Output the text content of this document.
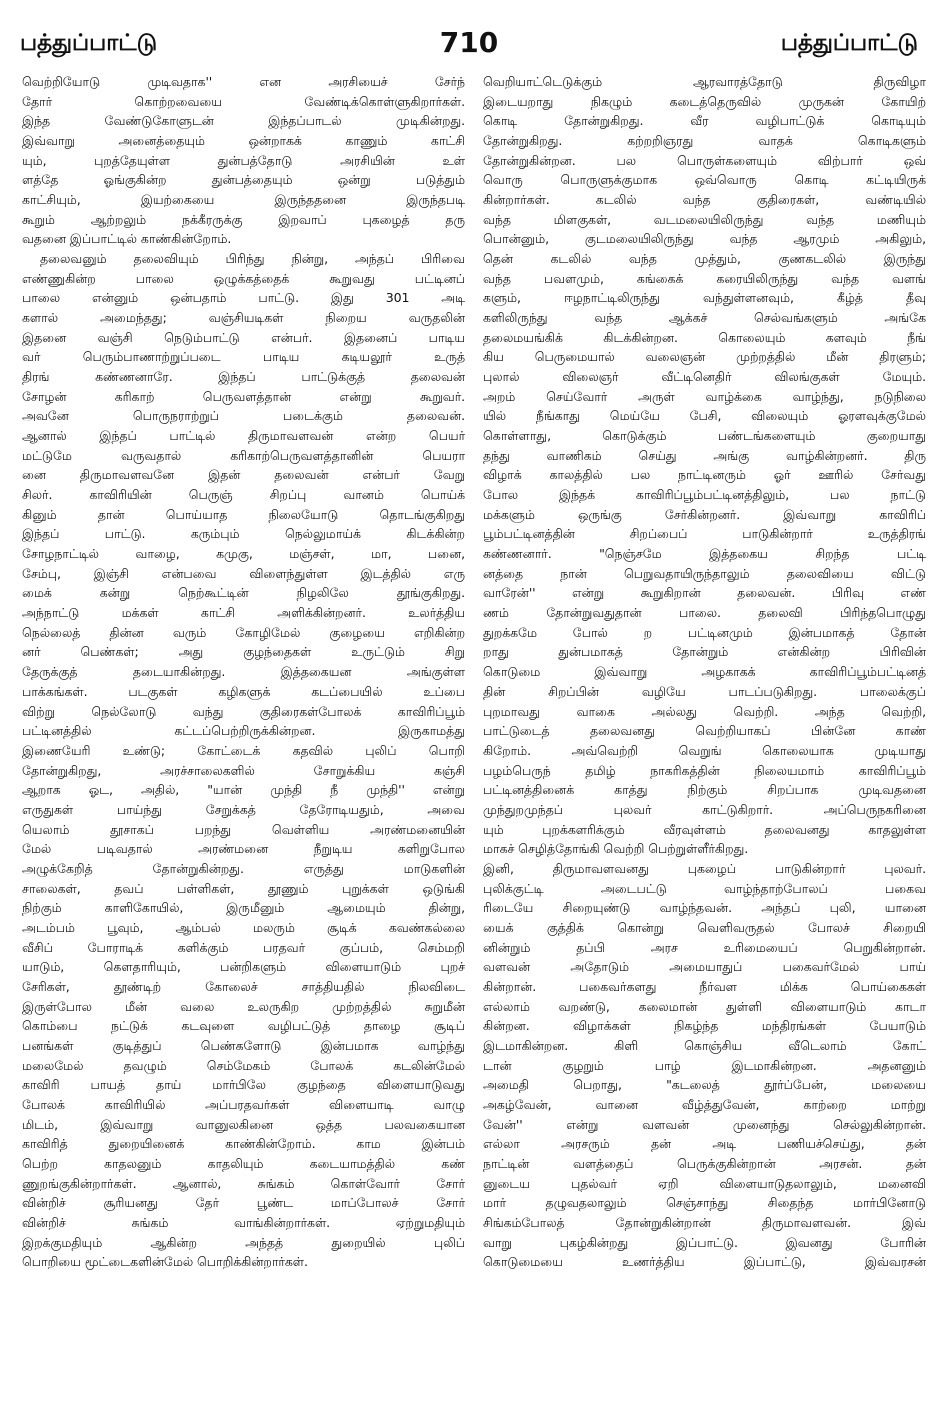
பத்துப்பாட்டு	710	பத்துப்பாட்டு
வெற்றியோடு முடிவதாக'' என அரசியைச் சேர்ந்
தோர் கொற்றவையை வேண்டிக்கொள்ளுகிறார்கள்.
இந்த வேண்டுகோளுடன் இந்தப்பாடல் முடிகின்றது.
இவ்வாறு அனைத்தையும் ஒன்றாகக் காணும் காட்சி
யும், புறத்தேயுள்ள துன்பத்தோடு அரசியின் உள்
ளத்தே ஓங்குகின்ற துன்பத்தையும் ஒன்று படுத்தும்
காட்சியும், இயற்கையை இருந்ததனை இருந்தபடி
கூறும் ஆற்றலும் நக்கீரருக்கு இறவாப் புகழைத் தரு
வதனை இப்பாட்டில் காண்கின்றோம்.
தலைவனும் தலைவியும் பிரிந்து நின்று, அந்தப் பிரிவை
எண்ணுகின்ற பாலை ஒழுக்கத்தைக் கூறுவது பட்டினப்
பாலை என்னும் ஒன்பதாம் பாட்டு. இது 301 அடி
களால் அமைந்தது; வஞ்சியடிகள் நிறைய வருதலின்
இதனை வஞ்சி நெடும்பாட்டு என்பர். இதனைப் பாடிய
வர் பெரும்பாணாற்றுப்படை பாடிய கடியலூர் உருத்
திரங் கண்ணனாரே. இந்தப் பாட்டுக்குத் தலைவன்
சோழன் கரிகாற் பெருவளத்தான் என்று கூறுவர்.
அவனே பொருநராற்றுப் படைக்கும் தலைவன்.
ஆனால் இந்தப் பாட்டில் திருமாவளவன் என்ற பெயர்
மட்டுமே வருவதால் கரிகாற்பெருவளத்தானின் பெயரா
னை திருமாவளவனே இதன் தலைவன் என்பர் வேறு
சிலர். காவிரியின் பெருஞ் சிறப்பு வானம் பொய்க்
கினும் தான் பொய்யாத நிலையோடு தொடங்குகிறது
இந்தப் பாட்டு. கரும்பும் நெல்லுமாய்க் கிடக்கின்ற
சோழநாட்டில் வாழை, கமுகு, மஞ்சள், மா, பனை,
சேம்பு, இஞ்சி என்பவை விளைந்துள்ள இடத்தில் எரு
மைக் கன்று நெற்கூட்டின் நிழலிலே தூங்குகிறது.
அந்நாட்டு மக்கள் காட்சி அளிக்கின்றனர். உலர்த்திய
நெல்லைத் தின்ன வரும் கோழிமேல் குழையை எறிகின்ற
னர் பெண்கள்; அது குழந்தைகள் உருட்டும் சிறு
தேருக்குத் தடையாகின்றது. இத்தகையன அங்குள்ள
பாக்கங்கள். படகுகள் கழிகளுக் கடப்பையில் உப்பை
விற்று நெல்லோடு வந்து குதிரைகள்போலக் காவிரிப்பூம்
பட்டினத்தில் கட்டப்பெற்றிருக்கின்றன. இருகாமத்து
இணையேரி உண்டு; கோட்டைக் கதவில் புலிப் பொறி
தோன்றுகிறது, அரச்சாலைகளில் சோறுக்கிய கஞ்சி
ஆறாக ஓட, அதில், "யான் முந்தி நீ முந்தி'' என்று
எருதுகள் பாய்ந்து சேறுக்கத் தேரோடியதும், அவை
யெலாம் தூசாகப் பறந்து வெள்ளிய அரண்மனையின்
மேல் படிவதால் அரண்மனை நீறுடிய களிறுபோல
அழுக்கேறித் தோன்றுகின்றது. எருத்து மாடுகளின்
சாலைகள், தவப் பள்ளிகள், தூணும் புறுக்கள் ஒடுங்கி
நிற்கும் காளிகோயில், இருமீனும் ஆமையும் தின்று,
அடம்பம் பூவும், ஆம்பல் மலரும் சூடிக் கவண்கல்லை
வீசிப் போராடிக் களிக்கும் பரதவர் குப்பம், செம்மறி
யாடும், கௌதாரியும், பன்றிகளும் விளையாடும் புறச்
சேரிகள், தூண்டிற் கோலைச் சாத்தியதில் நிலவிடை
இருள்போல மீன் வலை உலருகிற முற்றத்தில் சுறுமீன்
கொம்பை நட்டுக் கடவுளை வழிபட்டுத் தாழை சூடிப்
பனங்கள் குடித்துப் பெண்களோடு இன்பமாக வாழ்ந்து
மலைமேல் தவழும் செம்மேகம் போலக் கடலின்மேல்
காவிரி பாயத் தாய் மார்பிலே குழந்தை விளையாடுவது
போலக் காவிரியில் அப்பரதவர்கள் விளையாடி வாழு
மிடம், இவ்வாறு வானுலகினை ஒத்த பலவகையான
காவிரித் துறையினைக் காண்கின்றோம். காம இன்பம்
பெற்ற காதலனும் காதலியும் கடையாமத்தில் கண்
ணுறங்குகின்றார்கள். ஆனால், சுங்கம் கொள்வோர் சோர்
வின்றிச் சூரியனது தேர் பூண்ட மாப்போலச் சோர்
வின்றிச் சுங்கம் வாங்கின்றார்கள். ஏற்றுமதியும்
இறக்குமதியும் ஆகின்ற அந்தத் துறையில் புலிப்
பொறியை மூட்டைகளின்மேல் பொறிக்கின்றார்கள்.
வெறியாட்டெடுக்கும் ஆரவாரத்தோடு திருவிழா
இடையறாது நிகழும் கடைத்தெருவில் முருகன் கோயிற்
கொடி தோன்றுகிறது. வீர வழிபாட்டுக் கொடியும்
தோன்றுகிறது. கற்றறிஞரது வாதக் கொடிகளும்
தோன்றுகின்றன. பல பொருள்களையும் விற்பார் ஒவ்
வொரு பொருளுக்குமாக ஒவ்வொரு கொடி கட்டியிருக்
கின்றார்கள். கடலில் வந்த குதிரைகள், வண்டியில்
வந்த மிளகுகள், வடமலையிலிருந்து வந்த மணியும்
பொன்னும், குடமலையிலிருந்து வந்த ஆரமும் அகிலும்,
தென் கடலில் வந்த முத்தும், குணகடலில் இருந்து
வந்த பவளமும், கங்கைக் கரையிலிருந்து வந்த வளங்
களும், ஈழநாட்டிலிருந்து வந்துள்ளனவும், கீழ்த் தீவு
களிலிருந்து வந்த ஆக்கச் செல்வங்களும் அங்கே
தலைமயங்கிக் கிடக்கின்றன. கொலையும் களவும் நீங்
கிய பெருமையால் வலைஞன் முற்றத்தில் மீன் திரளும்;
புலால் விலைஞர் வீட்டினெதிர் விலங்குகள் மேயும்.
அறம் செய்வோர் அருள் வாழ்க்கை வாழ்ந்து, நடுநிலை
யில் நீங்காது மெய்யே பேசி, விலையும் ஓரளவுக்குமேல்
கொள்ளாது, கொடுக்கும் பண்டங்களையும் குறையாது
தந்து வாணிகம் செய்து அங்கு வாழ்கின்றனர். திரு
விழாக் காலத்தில் பல நாட்டினரும் ஓர் ஊரில் சேர்வது
போல இந்தக் காவிரிப்பூம்பட்டினத்திலும், பல நாட்டு
மக்களும் ஒருங்கு சேர்கின்றனர். இவ்வாறு காவிரிப்
பூம்பட்டினத்தின் சிறப்பைப் பாடுகின்றார் உருத்திரங்
கண்ணனார். "நெஞ்சமே இத்தகைய சிறந்த பட்டி
னத்தை நான் பெறுவதாயிருந்தாலும் தலைவியை விட்டு
வாரேன்'' என்று கூறுகிறான் தலைவன். பிரிவு எண்
ணம் தோன்றுவதுதான் பாலை. தலைவி பிரிந்தபொழுது
துறக்கமே போல் ற பட்டினமும் இன்பமாகத் தோன்
றாது துன்பமாகத் தோன்றும் என்கின்ற பிரிவின்
கொடுமை இவ்வாறு அழகாகக் காவிரிப்பூம்பட்டினத்
தின் சிறப்பின் வழியே பாடப்படுகிறது. பாலைக்குப்
புறமாவது வாகை அல்லது வெற்றி. அந்த வெற்றி,
பாட்டுடைத் தலைவனது வெற்றியாகப் பின்னே காண்
கிறோம். அவ்வெற்றி வெறுங் கொலையாக முடியாது
பழம்பெருந் தமிழ் நாகரிகத்தின் நிலையமாம் காவிரிப்பூம்
பட்டினத்தினைக் காத்து நிற்கும் சிறப்பாக முடிவதனை
முந்துறமுந்தப் புலவர் காட்டுகிறார். அப்பெருநகரினை
யும் புறக்களரிக்கும் வீரவுள்ளம் தலைவனது காதலுள்ள
மாகச் செழித்தோங்கி வெற்றி பெற்றுள்ளீர்கிறது.
இனி, திருமாவளவனது புகழைப் பாடுகின்றார் புலவர்.
புலிக்குட்டி அடைபட்டு வாழ்ந்தாற்போலப் பகைவ
ரிடையே சிறையுண்டு வாழ்ந்தவன். அந்தப் புலி, யானை
யைக் குத்திக் கொன்று வெளிவருதல் போலச் சிறையி
னின்றும் தப்பி அரச உரிமையைப் பெறுகின்றான்.
வளவன் அதோடும் அமையாதுப் பகைவர்மேல் பாய்
கின்றான். பகைவர்களது நீர்வள மிக்க பொய்கைகள்
எல்லாம் வறண்டு, கலைமான் துள்ளி விளையாடும் காடா
கின்றன. விழாக்கள் நிகழ்ந்த மந்திரங்கள் பேயாடும்
இடமாகின்றன. கிளி கொஞ்சிய வீடெலாம் கோட்
டான் குழறும் பாழ் இடமாகின்றன. அதனனும்
அமைதி பெறாது, "கடலைத் தூர்ப்பேன், மலையை
அகழ்வேன், வானை வீழ்த்துவேன், காற்றை மாற்று
வேன்'' என்று வளவன் முனைந்து செல்லுகின்றான்.
எல்லா அரசரும் தன் அடி பணியச்செய்து, தன்
நாட்டின் வளத்தைப் பெருக்குகின்றான் அரசன். தன்
னுடைய புதல்வர் ஏறி விளையாடுதலாலும், மனைவி
மார் தழுவதலாலும் செஞ்சாந்து சிதைந்த மார்பினோடு
சிங்கம்போலத் தோன்றுகின்றான் திருமாவளவன். இவ்
வாறு புகழ்கின்றது இப்பாட்டு. இவனது போரின்
கொடுமையை உணர்த்திய இப்பாட்டு, இவ்வரசன்
